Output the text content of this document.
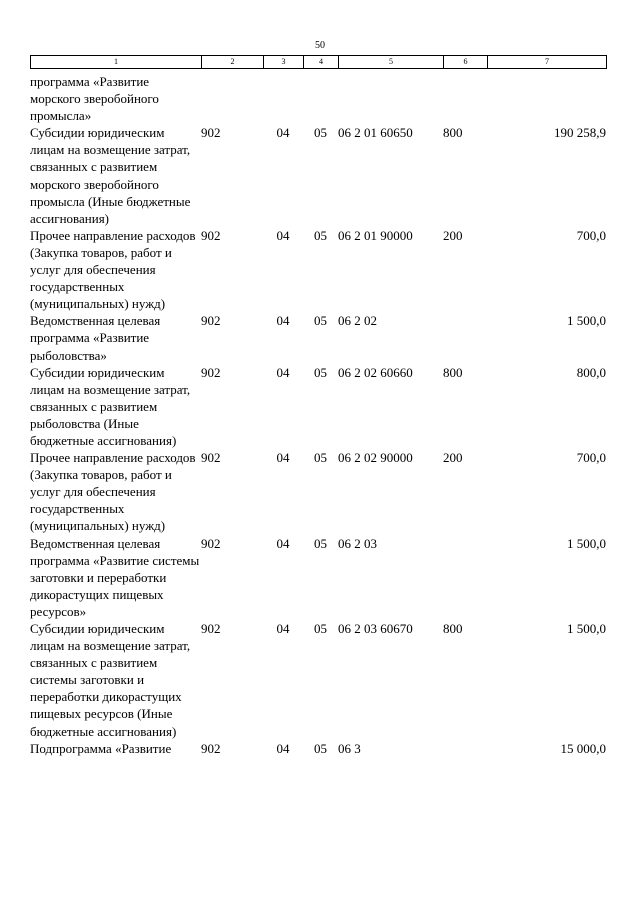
50
1	2	3	4	5	6	7
программа «Развитие морского зверобойного промысла»						
Субсидии юридическим лицам на возмещение затрат, связанных с развитием морского зверобойного промысла (Иные бюджетные ассигнования)	902	04	05	06 2 01 60650	800	190 258,9
Прочее направление расходов (Закупка товаров, работ и услуг для обеспечения государственных (муниципальных) нужд)	902	04	05	06 2 01 90000	200	700,0
Ведомственная целевая программа «Развитие рыболовства»	902	04	05	06 2 02		1 500,0
Субсидии юридическим лицам на возмещение затрат, связанных с развитием рыболовства (Иные бюджетные ассигнования)	902	04	05	06 2 02 60660	800	800,0
Прочее направление расходов (Закупка товаров, работ и услуг для обеспечения государственных (муниципальных) нужд)	902	04	05	06 2 02 90000	200	700,0
Ведомственная целевая программа «Развитие системы заготовки и переработки дикорастущих пищевых ресурсов»	902	04	05	06 2 03		1 500,0
Субсидии юридическим лицам на возмещение затрат, связанных с развитием системы заготовки и переработки дикорастущих пищевых ресурсов (Иные бюджетные ассигнования)	902	04	05	06 2 03 60670	800	1 500,0
Подпрограмма «Развитие	902	04	05	06 3		15 000,0
